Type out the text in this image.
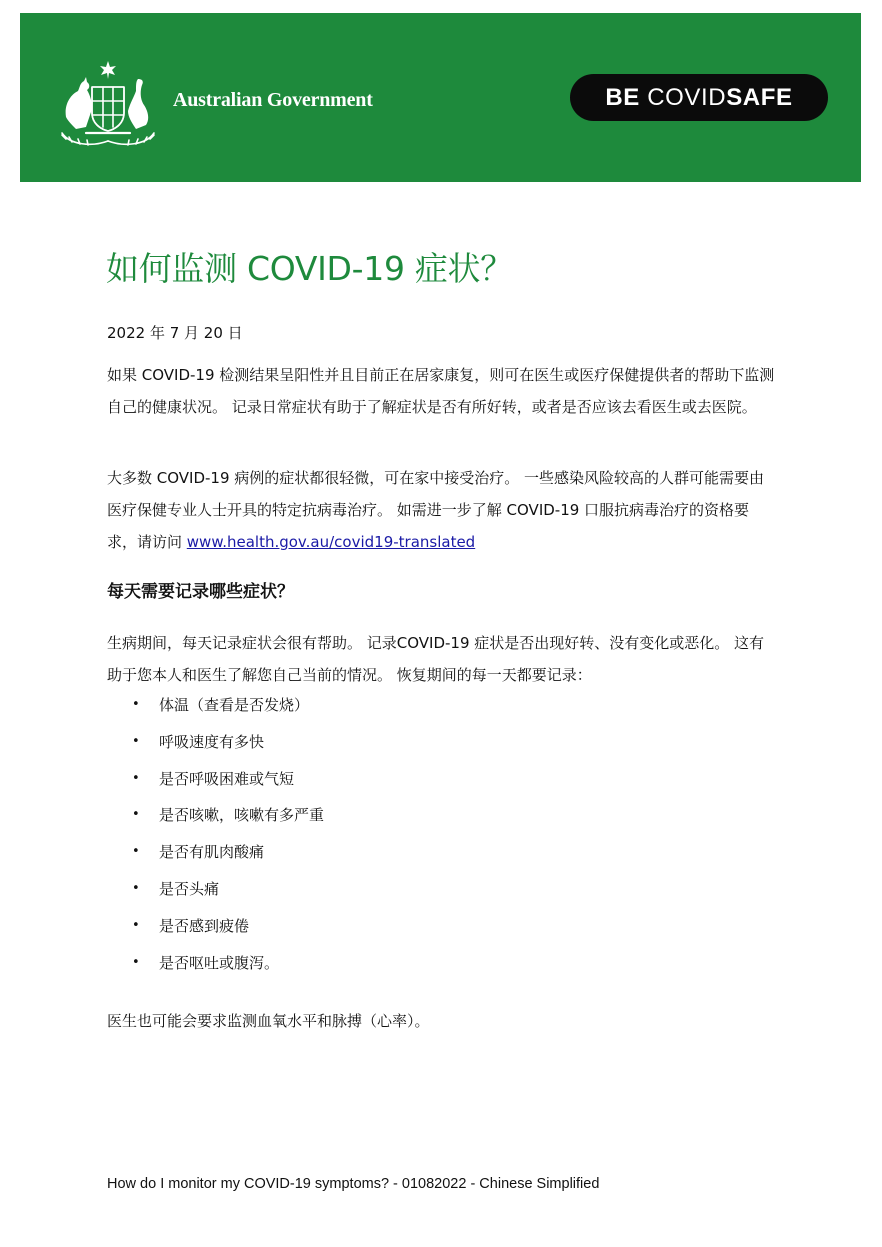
Australian Government	BE COVIDSAFE
如何监测 COVID-19 症状？
2022 年 7 月 20 日

如果 COVID-19 检测结果呈阳性并且目前正在居家康复，则可在医生或医疗保健提供者的帮助下监测自己的健康状况。 记录日常症状有助于了解症状是否有所好转，或者是否应该去看医生或去医院。

大多数 COVID-19 病例的症状都很轻微，可在家中接受治疗。 一些感染风险较高的人群可能需要由医疗保健专业人士开具的特定抗病毒治疗。 如需进一步了解 COVID-19 口服抗病毒治疗的资格要求，请访问 www.health.gov.au/covid19-translated

每天需要记录哪些症状？

生病期间，每天记录症状会很有帮助。 记录COVID-19 症状是否出现好转、没有变化或恶化。 这有助于您本人和医生了解您自己当前的情况。 恢复期间的每一天都要记录：

• 体温（查看是否发烧）
• 呼吸速度有多快
• 是否呼吸困难或气短
• 是否咳嗽，咳嗽有多严重
• 是否有肌肉酸痛
• 是否头痛
• 是否感到疲倦
• 是否呕吐或腹泻。

医生也可能会要求监测血氧水平和脉搏（心率）。

How do I monitor my COVID-19 symptoms? - 01082022 - Chinese Simplified
